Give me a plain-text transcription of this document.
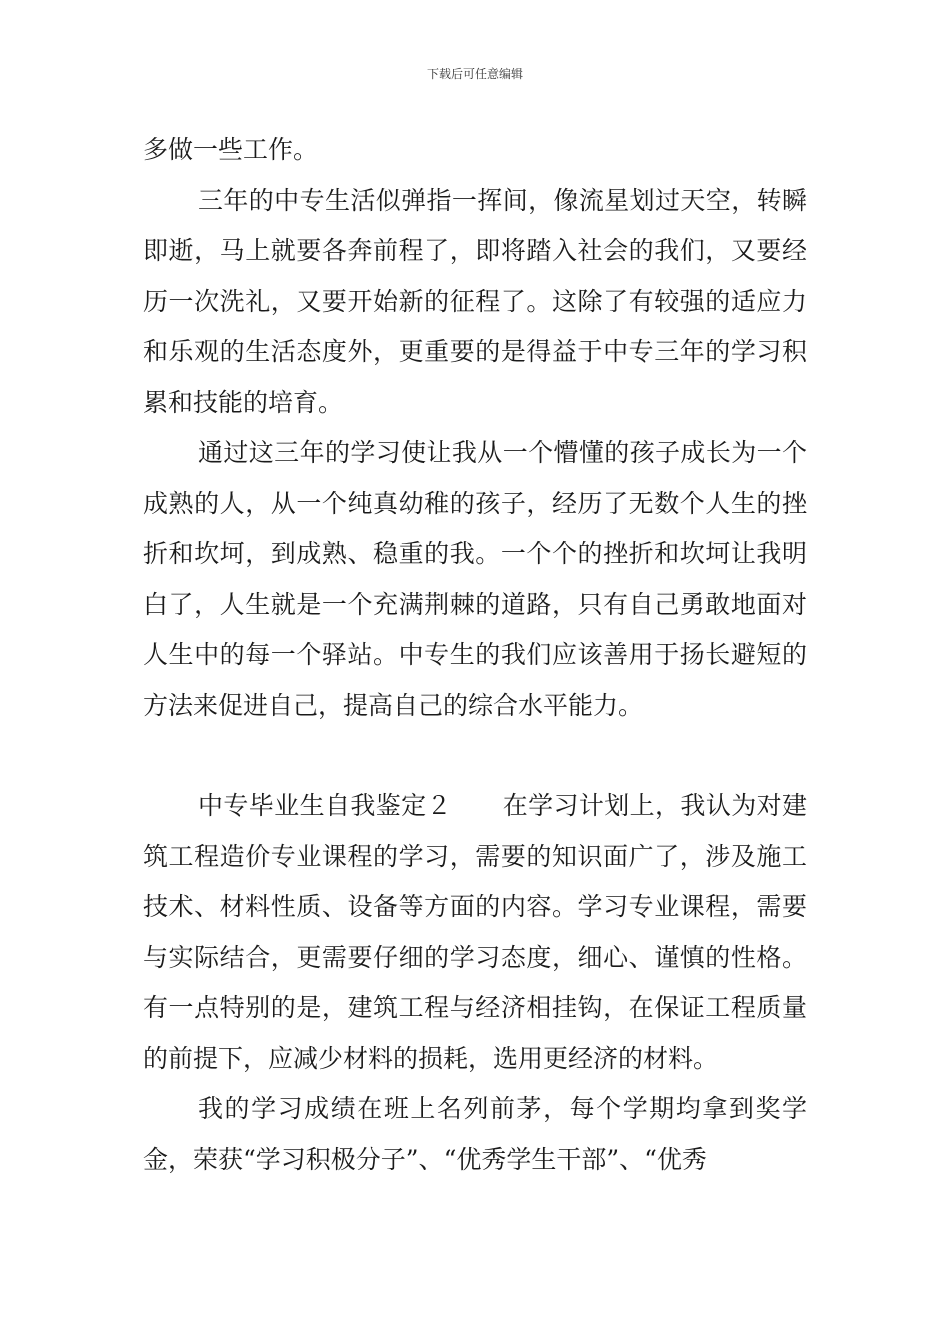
下载后可任意编辑

多做一些工作。

三年的中专生活似弹指一挥间，像流星划过天空，转瞬即逝，马上就要各奔前程了，即将踏入社会的我们，又要经历一次洗礼，又要开始新的征程了。这除了有较强的适应力和乐观的生活态度外，更重要的是得益于中专三年的学习积累和技能的培育。

通过这三年的学习使让我从一个懵懂的孩子成长为一个成熟的人，从一个纯真幼稚的孩子，经历了无数个人生的挫折和坎坷，到成熟、稳重的我。一个个的挫折和坎坷让我明白了，人生就是一个充满荆棘的道路，只有自己勇敢地面对人生中的每一个驿站。中专生的我们应该善用于扬长避短的方法来促进自己，提高自己的综合水平能力。

中专毕业生自我鉴定２　　在学习计划上，我认为对建筑工程造价专业课程的学习，需要的知识面广了，涉及施工技术、材料性质、设备等方面的内容。学习专业课程，需要与实际结合，更需要仔细的学习态度，细心、谨慎的性格。有一点特别的是，建筑工程与经济相挂钩，在保证工程质量的前提下，应减少材料的损耗，选用更经济的材料。

我的学习成绩在班上名列前茅，每个学期均拿到奖学金，荣获“学习积极分子”、“优秀学生干部”、“优秀
